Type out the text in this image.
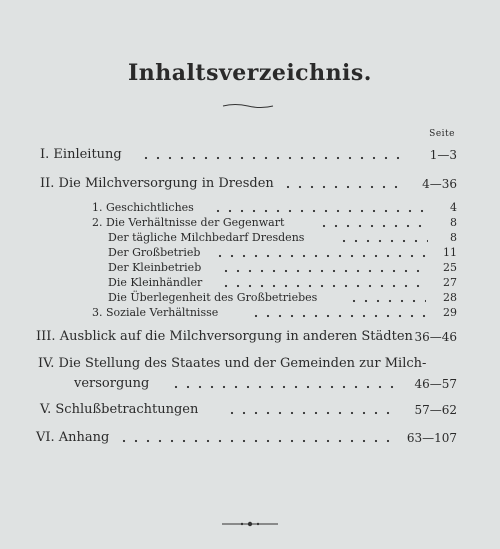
Inhaltsverzeichnis.
Seite
I. Einleitung	1—3
II. Die Milchversorgung in Dresden	4—36
1. Geschichtliches	4
2. Die Verhältnisse der Gegenwart	8
Der tägliche Milchbedarf Dresdens	8
Der Großbetrieb	11
Der Kleinbetrieb	25
Die Kleinhändler	27
Die Überlegenheit des Großbetriebes	28
3. Soziale Verhältnisse	29
III. Ausblick auf die Milchversorgung in anderen Städten 36—46
IV. Die Stellung des Staates und der Gemeinden zur Milch-
versorgung	46—57
V. Schlußbetrachtungen	57—62
VI. Anhang	63—107
